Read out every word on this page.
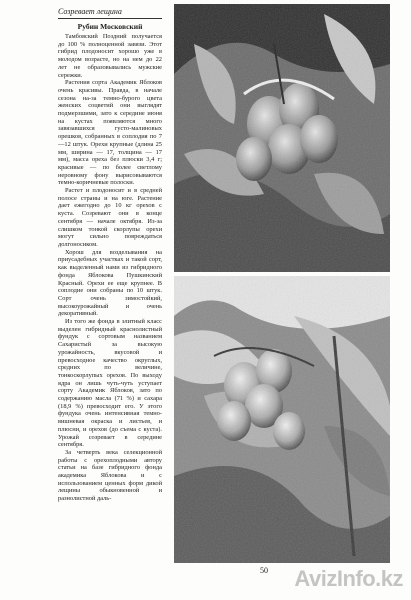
Созревает лещина
Рубин Московский

Тамбовский Поздний получается до 100 % полноценной завязи. Этот гибрид плодоносит хорошо уже в молодом возрасте, но на нем до 22 лет не образовывались мужские сережки.

Растения сорта Академик Яблоков очень красивы. Правда, в начале сезона на-за темно-бурого цвета женских соцветий они выглядят подмерзшими, зато к середине июня на кустах появляются много завязавшихся густо-малиновых орешков, собранных в соплодия по 7—12 штук. Орехи крупные (длина 25 мм, ширина — 17, толщина — 17 мм), масса ореха без плюски 3,4 г; красивые — по более светлому неровному фону вырисовываются темно-коричневые полоски.

Растет и плодоносит и в средней полосе страны и на юге. Растение дает ежегодно до 10 кг орехов с куста. Созревают они в конце сентября — начале октября. Из-за слишком тонкой скорлупы орехи могут сильно повреждаться долгоносиком.

Хорош для возделывания на приусадебных участках и такой сорт, как выделенный нами из гибридного фонда Яблокова Пушкинский Красный. Орехи ее еще крупнее. В соплодие они собраны по 10 штук. Сорт очень зимостойкий, высокоурожайный и очень декоративный.

Из того же фонда в элитный класс выделен гибридный краснолистный фундук с сортовым названием Сахаристый за высокую урожайность, вкусовой и превосходное качество округлых, средних по величине, тонкоскорлупых орехов. По выходу ядра он лишь чуть-чуть уступает сорту Академик Яблоков, зато по содержанию масла (71 %) и сахара (18,9 %) превосходит его. У этого фундука очень интенсивная темно-вишневая окраска и листьев, и плюсни, и орехов (до съема с куста). Урожай созревает в середине сентября.

За четверть века селекционной работы с орехоплодными автору статьи на базе гибридного фонда академика Яблокова и с использованием ценных форм дикой лещины обыкновенной и разнолистной даль-

50 AvizInfo.kz
